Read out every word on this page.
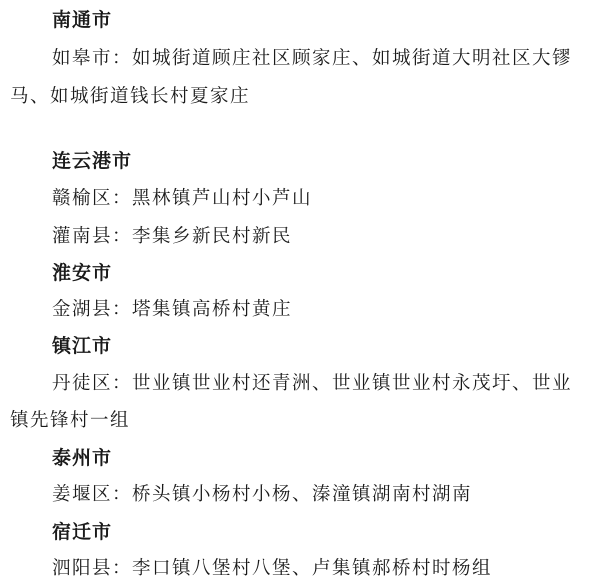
南通市
如皋市：如城街道顾庄社区顾家庄、如城街道大明社区大镠
马、如城街道钱长村夏家庄
连云港市
赣榆区：黑林镇芦山村小芦山
灌南县：李集乡新民村新民
淮安市
金湖县：塔集镇高桥村黄庄
镇江市
丹徒区：世业镇世业村还青洲、世业镇世业村永茂圩、世业
镇先锋村一组
泰州市
姜堰区：桥头镇小杨村小杨、溱潼镇湖南村湖南
宿迁市
泗阳县：李口镇八堡村八堡、卢集镇郝桥村时杨组
